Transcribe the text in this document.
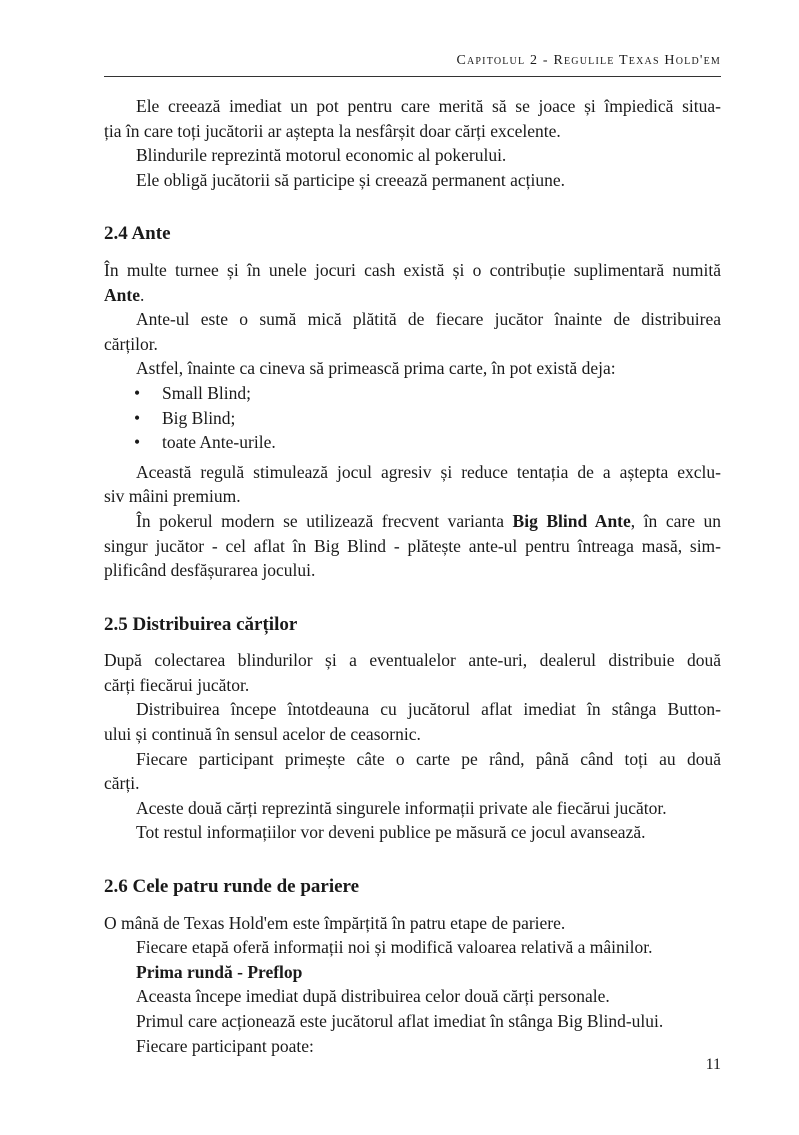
Capitolul 2 - Regulile Texas Hold'em

Ele creează imediat un pot pentru care merită să se joace și împiedică situa-

ția în care toți jucătorii ar aștepta la nesfârșit doar cărți excelente.

Blindurile reprezintă motorul economic al pokerului.

Ele obligă jucătorii să participe și creează permanent acțiune.

2.4 Ante

În multe turnee și în unele jocuri cash există și o contribuție suplimentară numită

Ante.

Ante-ul este o sumă mică plătită de fiecare jucător înainte de distribuirea

cărților.

Astfel, înainte ca cineva să primească prima carte, în pot există deja:

• Small Blind;
• Big Blind;
• toate Ante-urile.

Această regulă stimulează jocul agresiv și reduce tentația de a aștepta exclu-

siv mâini premium.

În pokerul modern se utilizează frecvent varianta Big Blind Ante, în care un

singur jucător - cel aflat în Big Blind - plătește ante-ul pentru întreaga masă, sim-

plificând desfășurarea jocului.

2.5 Distribuirea cărților

După colectarea blindurilor și a eventualelor ante-uri, dealerul distribuie două

cărți fiecărui jucător.

Distribuirea începe întotdeauna cu jucătorul aflat imediat în stânga Button-

ului și continuă în sensul acelor de ceasornic.

Fiecare participant primește câte o carte pe rând, până când toți au două

cărți.

Aceste două cărți reprezintă singurele informații private ale fiecărui jucător.

Tot restul informațiilor vor deveni publice pe măsură ce jocul avansează.

2.6 Cele patru runde de pariere

O mână de Texas Hold'em este împărțită în patru etape de pariere.

Fiecare etapă oferă informații noi și modifică valoarea relativă a mâinilor.

Prima rundă - Preflop

Aceasta începe imediat după distribuirea celor două cărți personale.

Primul care acționează este jucătorul aflat imediat în stânga Big Blind-ului.

Fiecare participant poate:

11
